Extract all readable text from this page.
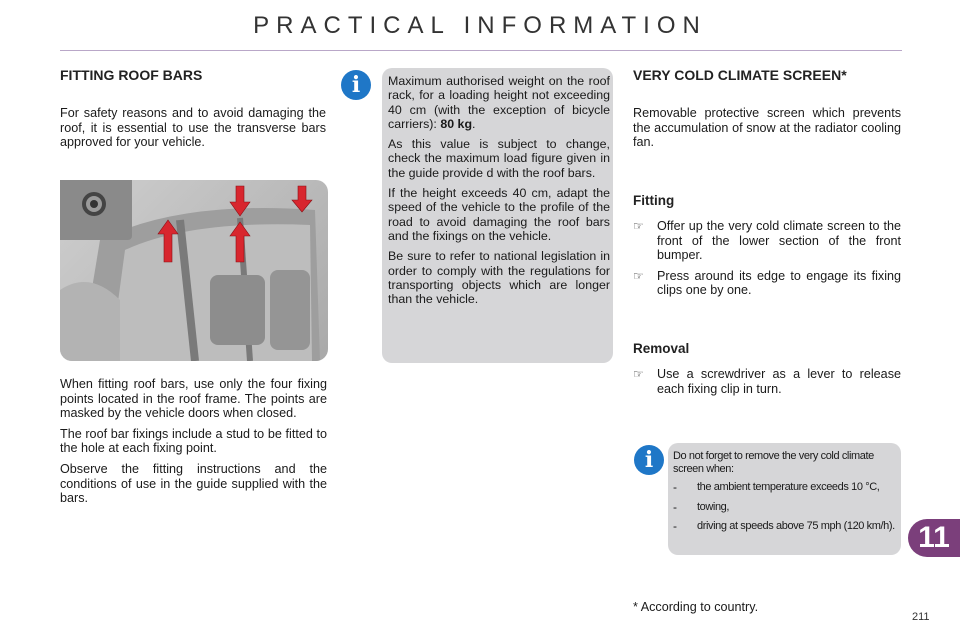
PRACTICAL INFORMATION
FITTING ROOF BARS
For safety reasons and to avoid damaging the roof, it is essential to use the transverse bars approved for your vehicle.

When fitting roof bars, use only the four fixing points located in the roof frame. The points are masked by the vehicle doors when closed.

The roof bar fixings include a stud to be fitted to the hole at each fixing point.

Observe the fitting instructions and the conditions of use in the guide supplied with the bars.

i	Maximum authorised weight on the roof rack, for a loading height not exceeding 40 cm (with the exception of bicycle carriers): 80 kg.

As this value is subject to change, check the maximum load figure given in the guide provide d with the roof bars.

If the height exceeds 40 cm, adapt the speed of the vehicle to the profile of the road to avoid damaging the roof bars and the fixings on the vehicle.

Be sure to refer to national legislation in order to comply with the regulations for transporting objects which are longer than the vehicle.

VERY COLD CLIMATE SCREEN*
Removable protective screen which prevents the accumulation of snow at the radiator cooling fan.
Fitting
☞ Offer up the very cold climate screen to the front of the lower section of the front bumper.
☞ Press around its edge to engage its fixing clips one by one.
Removal
☞ Use a screwdriver as a lever to release each fixing clip in turn.
i	Do not forget to remove the very cold climate screen when:
- the ambient temperature exceeds 10 °C,
- towing,
- driving at speeds above 75 mph (120 km/h). 11
* According to country.
211
